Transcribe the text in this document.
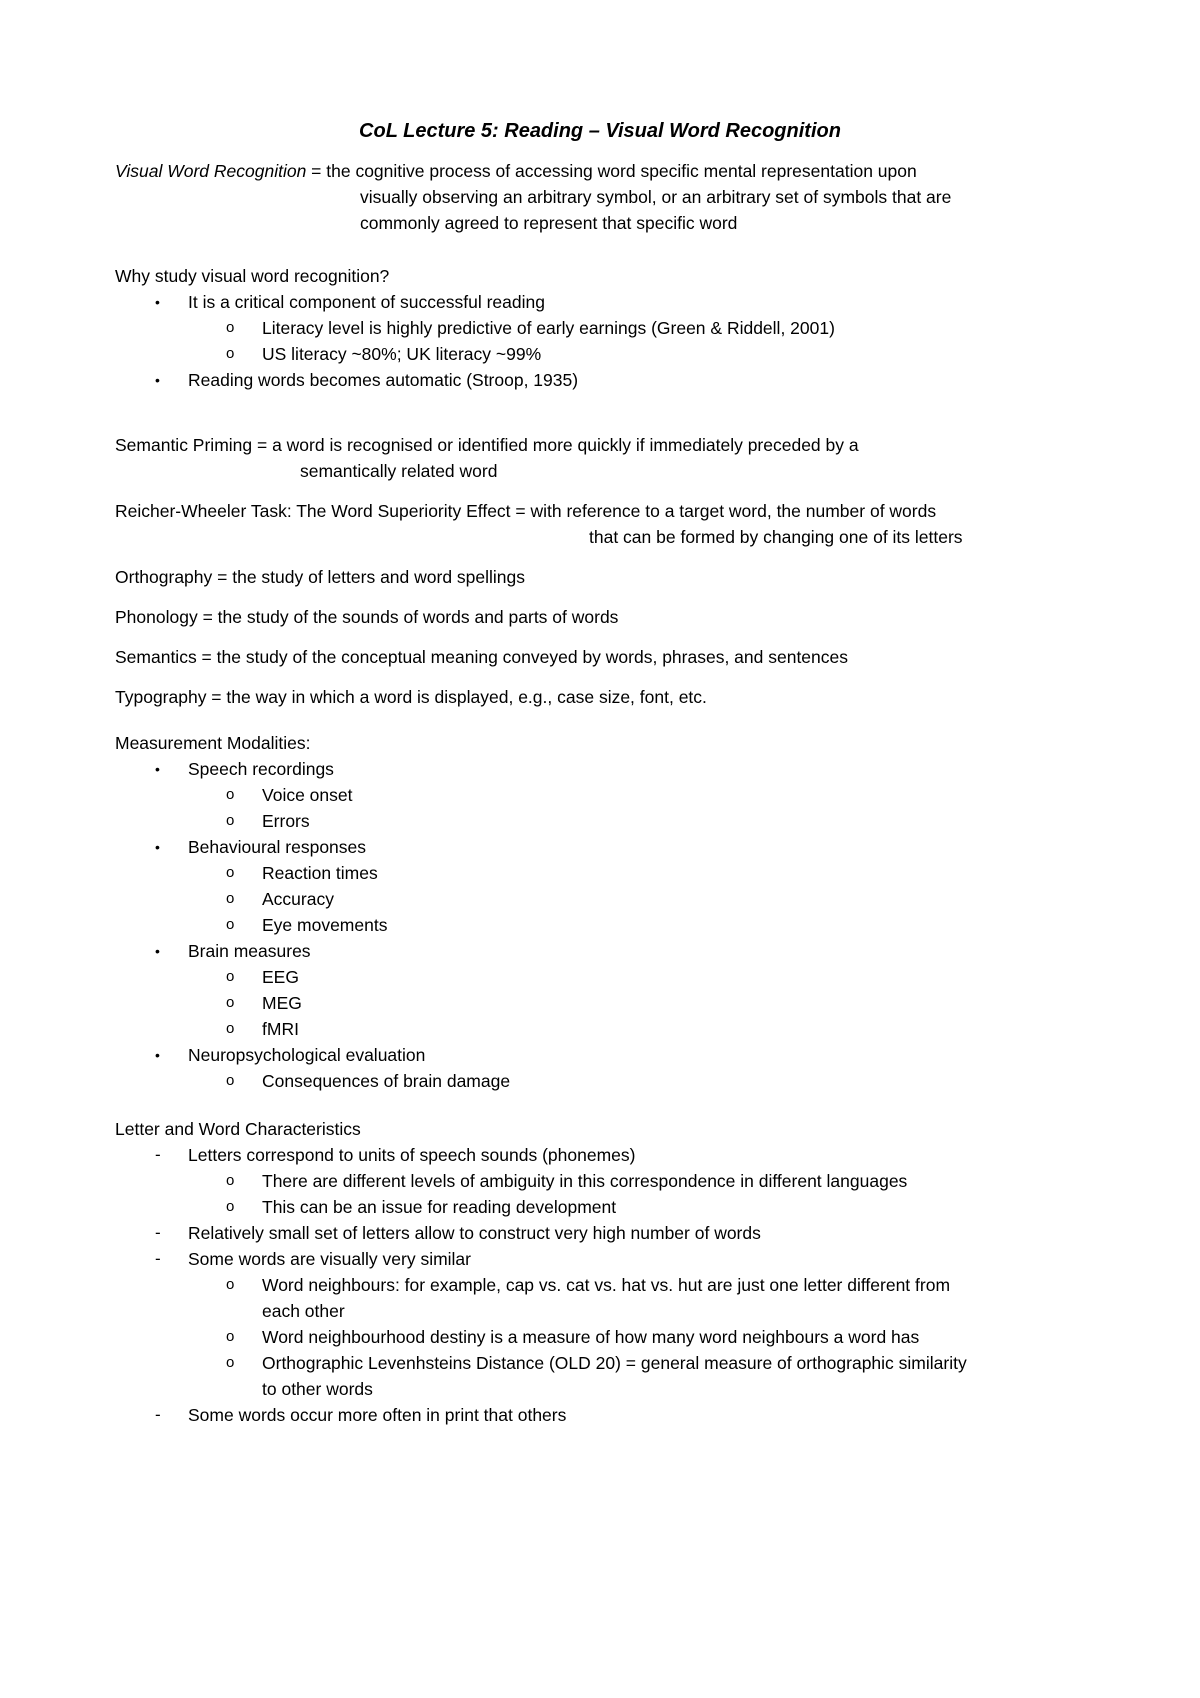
CoL Lecture 5: Reading – Visual Word Recognition
Visual Word Recognition = the cognitive process of accessing word specific mental representation upon
visually observing an arbitrary symbol, or an arbitrary set of symbols that are
commonly agreed to represent that specific word
Why study visual word recognition?
• It is a critical component of successful reading
o Literacy level is highly predictive of early earnings (Green & Riddell, 2001)
o US literacy ~80%; UK literacy ~99%
• Reading words becomes automatic (Stroop, 1935)
Semantic Priming = a word is recognised or identified more quickly if immediately preceded by a
semantically related word
Reicher-Wheeler Task: The Word Superiority Effect = with reference to a target word, the number of words
that can be formed by changing one of its letters
Orthography = the study of letters and word spellings
Phonology = the study of the sounds of words and parts of words
Semantics = the study of the conceptual meaning conveyed by words, phrases, and sentences
Typography = the way in which a word is displayed, e.g., case size, font, etc.
Measurement Modalities:
• Speech recordings
o Voice onset
o Errors
• Behavioural responses
o Reaction times
o Accuracy
o Eye movements
• Brain measures
o EEG
o MEG
o fMRI
• Neuropsychological evaluation
o Consequences of brain damage
Letter and Word Characteristics
- Letters correspond to units of speech sounds (phonemes)
o There are different levels of ambiguity in this correspondence in different languages
o This can be an issue for reading development
- Relatively small set of letters allow to construct very high number of words
- Some words are visually very similar
o Word neighbours: for example, cap vs. cat vs. hat vs. hut are just one letter different from
each other
o Word neighbourhood destiny is a measure of how many word neighbours a word has
o Orthographic Levenhsteins Distance (OLD 20) = general measure of orthographic similarity
to other words
- Some words occur more often in print that others
